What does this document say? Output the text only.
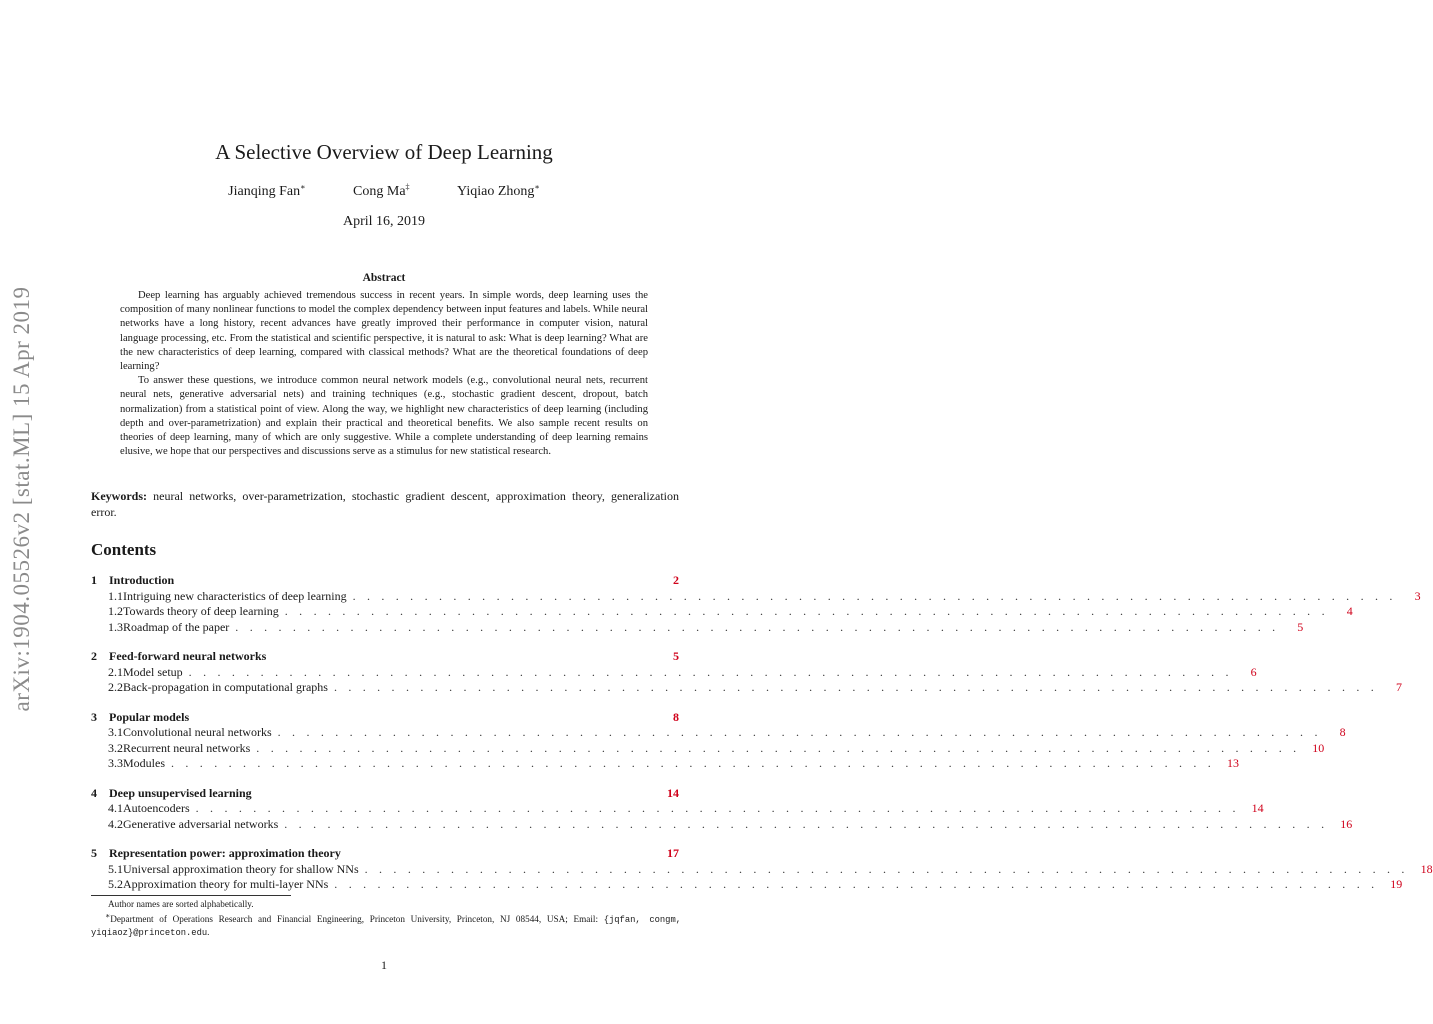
arXiv:1904.05526v2 [stat.ML] 15 Apr 2019
A Selective Overview of Deep Learning
Jianqing Fan∗	Cong Ma‡	Yiqiao Zhong∗
April 16, 2019
Abstract

Deep learning has arguably achieved tremendous success in recent years. In simple words, deep learning uses the composition of many nonlinear functions to model the complex dependency between input features and labels. While neural networks have a long history, recent advances have greatly improved their performance in computer vision, natural language processing, etc. From the statistical and scientific perspective, it is natural to ask: What is deep learning? What are the new characteristics of deep learning, compared with classical methods? What are the theoretical foundations of deep learning?

To answer these questions, we introduce common neural network models (e.g., convolutional neural nets, recurrent neural nets, generative adversarial nets) and training techniques (e.g., stochastic gradient descent, dropout, batch normalization) from a statistical point of view. Along the way, we highlight new characteristics of deep learning (including depth and over-parametrization) and explain their practical and theoretical benefits. We also sample recent results on theories of deep learning, many of which are only suggestive. While a complete understanding of deep learning remains elusive, we hope that our perspectives and discussions serve as a stimulus for new statistical research.

Keywords: neural networks, over-parametrization, stochastic gradient descent, approximation theory, generalization error.
Contents
1	Introduction	2
1.1 Intriguing new characteristics of deep learning . . . . . . . . . . . . . . . . . . . . . . . . . . . . . . . . . . . . . . . . . . . . . . . . . . . . . . . . . . . . . . . . . . . . . . . . .	3
1.2 Towards theory of deep learning . . . . . . . . . . . . . . . . . . . . . . . . . . . . . . . . . . . . . . . . . . . . . . . . . . . . . . . . . . . . . . . . . . . . . . . . .	4
1.3 Roadmap of the paper . . . . . . . . . . . . . . . . . . . . . . . . . . . . . . . . . . . . . . . . . . . . . . . . . . . . . . . . . . . . . . . . . . . . . . . . .	5
2	Feed-forward neural networks	5
2.1 Model setup . . . . . . . . . . . . . . . . . . . . . . . . . . . . . . . . . . . . . . . . . . . . . . . . . . . . . . . . . . . . . . . . . . . . . . . . .	6
2.2 Back-propagation in computational graphs . . . . . . . . . . . . . . . . . . . . . . . . . . . . . . . . . . . . . . . . . . . . . . . . . . . . . . . . . . . . . . . . . . . . . . . . .	7
3	Popular models	8
3.1 Convolutional neural networks . . . . . . . . . . . . . . . . . . . . . . . . . . . . . . . . . . . . . . . . . . . . . . . . . . . . . . . . . . . . . . . . . . . . . . . . .	8
3.2 Recurrent neural networks . . . . . . . . . . . . . . . . . . . . . . . . . . . . . . . . . . . . . . . . . . . . . . . . . . . . . . . . . . . . . . . . . . . . . . . . .	10
3.3 Modules . . . . . . . . . . . . . . . . . . . . . . . . . . . . . . . . . . . . . . . . . . . . . . . . . . . . . . . . . . . . . . . . . . . . . . . . .	13
4	Deep unsupervised learning	14
4.1 Autoencoders . . . . . . . . . . . . . . . . . . . . . . . . . . . . . . . . . . . . . . . . . . . . . . . . . . . . . . . . . . . . . . . . . . . . . . . . .	14
4.2 Generative adversarial networks . . . . . . . . . . . . . . . . . . . . . . . . . . . . . . . . . . . . . . . . . . . . . . . . . . . . . . . . . . . . . . . . . . . . . . . . .	16
5	Representation power: approximation theory	17
5.1 Universal approximation theory for shallow NNs . . . . . . . . . . . . . . . . . . . . . . . . . . . . . . . . . . . . . . . . . . . . . . . . . . . . . . . . . . . . . . . . . . . . . . . . .	18
5.2 Approximation theory for multi-layer NNs . . . . . . . . . . . . . . . . . . . . . . . . . . . . . . . . . . . . . . . . . . . . . . . . . . . . . . . . . . . . . . . . . . . . . . . . .	19
Author names are sorted alphabetically.
∗Department of Operations Research and Financial Engineering, Princeton University, Princeton, NJ 08544, USA; Email: {jqfan, congm, yiqiaoz}@princeton.edu.
1
